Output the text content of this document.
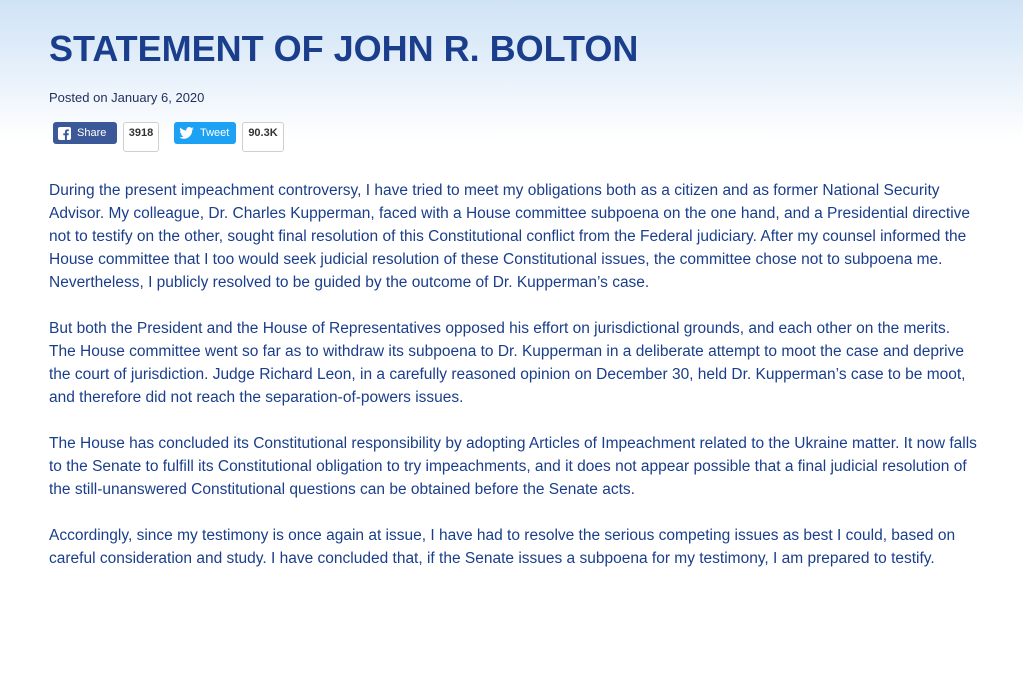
STATEMENT OF JOHN R. BOLTON
Posted on January 6, 2020
Share	3918	Tweet	90.3K

During the present impeachment controversy, I have tried to meet my obligations both as a citizen and as former National Security Advisor. My colleague, Dr. Charles Kupperman, faced with a House committee subpoena on the one hand, and a Presidential directive not to testify on the other, sought final resolution of this Constitutional conflict from the Federal judiciary. After my counsel informed the House committee that I too would seek judicial resolution of these Constitutional issues, the committee chose not to subpoena me. Nevertheless, I publicly resolved to be guided by the outcome of Dr. Kupperman’s case.

But both the President and the House of Representatives opposed his effort on jurisdictional grounds, and each other on the merits. The House committee went so far as to withdraw its subpoena to Dr. Kupperman in a deliberate attempt to moot the case and deprive the court of jurisdiction. Judge Richard Leon, in a carefully reasoned opinion on December 30, held Dr. Kupperman’s case to be moot, and therefore did not reach the separation-of-powers issues.

The House has concluded its Constitutional responsibility by adopting Articles of Impeachment related to the Ukraine matter. It now falls to the Senate to fulfill its Constitutional obligation to try impeachments, and it does not appear possible that a final judicial resolution of the still-unanswered Constitutional questions can be obtained before the Senate acts.

Accordingly, since my testimony is once again at issue, I have had to resolve the serious competing issues as best I could, based on careful consideration and study. I have concluded that, if the Senate issues a subpoena for my testimony, I am prepared to testify.
